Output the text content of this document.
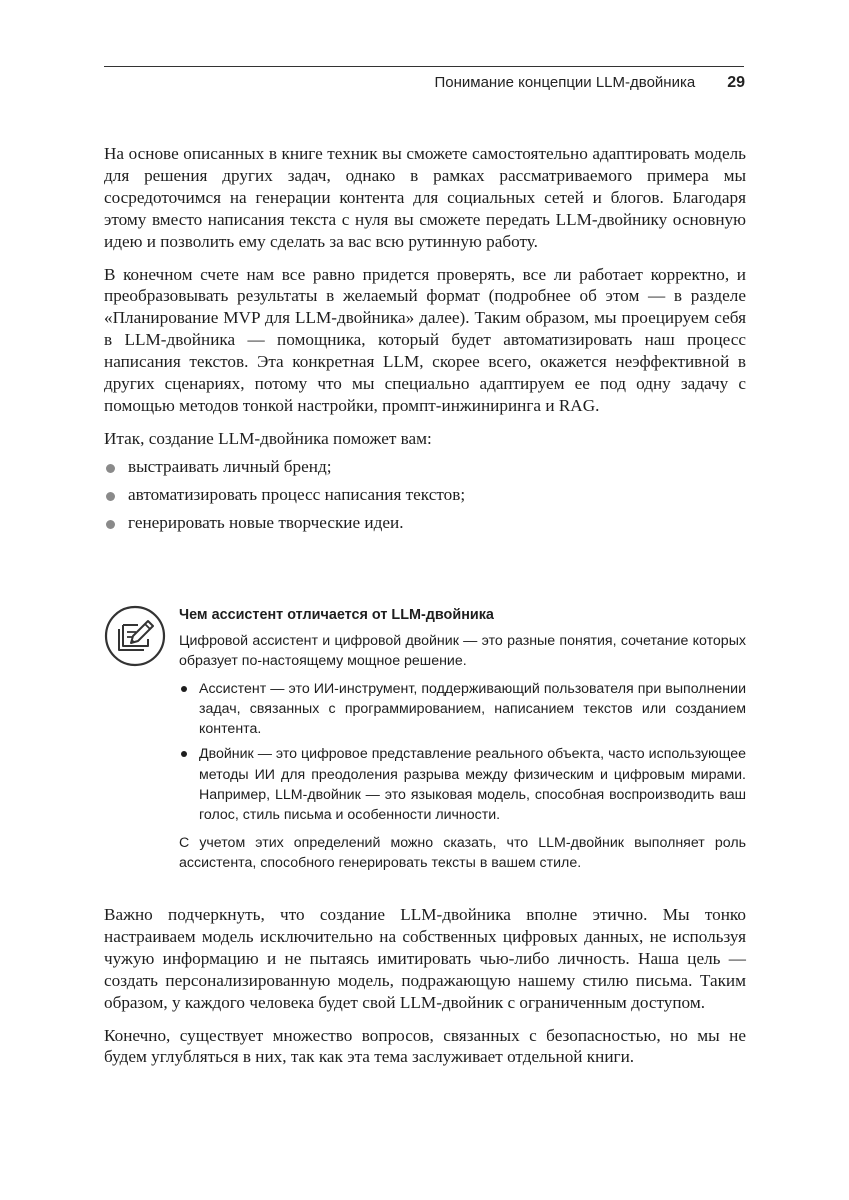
Понимание концепции LLM-двойника 29

На основе описанных в книге техник вы сможете самостоятельно адаптировать модель для решения других задач, однако в рамках рассматриваемого примера мы сосредоточимся на генерации контента для социальных сетей и блогов. Благодаря этому вместо написания текста с нуля вы сможете передать LLM-двойнику основную идею и позволить ему сделать за вас всю рутинную работу.

В конечном счете нам все равно придется проверять, все ли работает корректно, и преобразовывать результаты в желаемый формат (подробнее об этом — в разделе «Планирование MVP для LLM-двойника» далее). Таким образом, мы проецируем себя в LLM-двойника — помощника, который будет автоматизировать наш процесс написания текстов. Эта конкретная LLM, скорее всего, окажется неэффективной в других сценариях, потому что мы специально адаптируем ее под одну задачу с помощью методов тонкой настройки, промпт-инжиниринга и RAG.

Итак, создание LLM-двойника поможет вам:

выстраивать личный бренд;
автоматизировать процесс написания текстов;
генерировать новые творческие идеи.
Чем ассистент отличается от LLM-двойника

Цифровой ассистент и цифровой двойник — это разные понятия, сочетание которых образует по-настоящему мощное решение.

Ассистент — это ИИ-инструмент, поддерживающий пользователя при выполнении задач, связанных с программированием, написанием текстов или созданием контента.
Двойник — это цифровое представление реального объекта, часто использующее методы ИИ для преодоления разрыва между физическим и цифровым мирами. Например, LLM-двойник — это языковая модель, способная воспроизводить ваш голос, стиль письма и особенности личности.

С учетом этих определений можно сказать, что LLM-двойник выполняет роль ассистента, способного генерировать тексты в вашем стиле.

Важно подчеркнуть, что создание LLM-двойника вполне этично. Мы тонко настраиваем модель исключительно на собственных цифровых данных, не используя чужую информацию и не пытаясь имитировать чью-либо личность. Наша цель — создать персонализированную модель, подражающую нашему стилю письма. Таким образом, у каждого человека будет свой LLM-двойник с ограниченным доступом.

Конечно, существует множество вопросов, связанных с безопасностью, но мы не будем углубляться в них, так как эта тема заслуживает отдельной книги.
